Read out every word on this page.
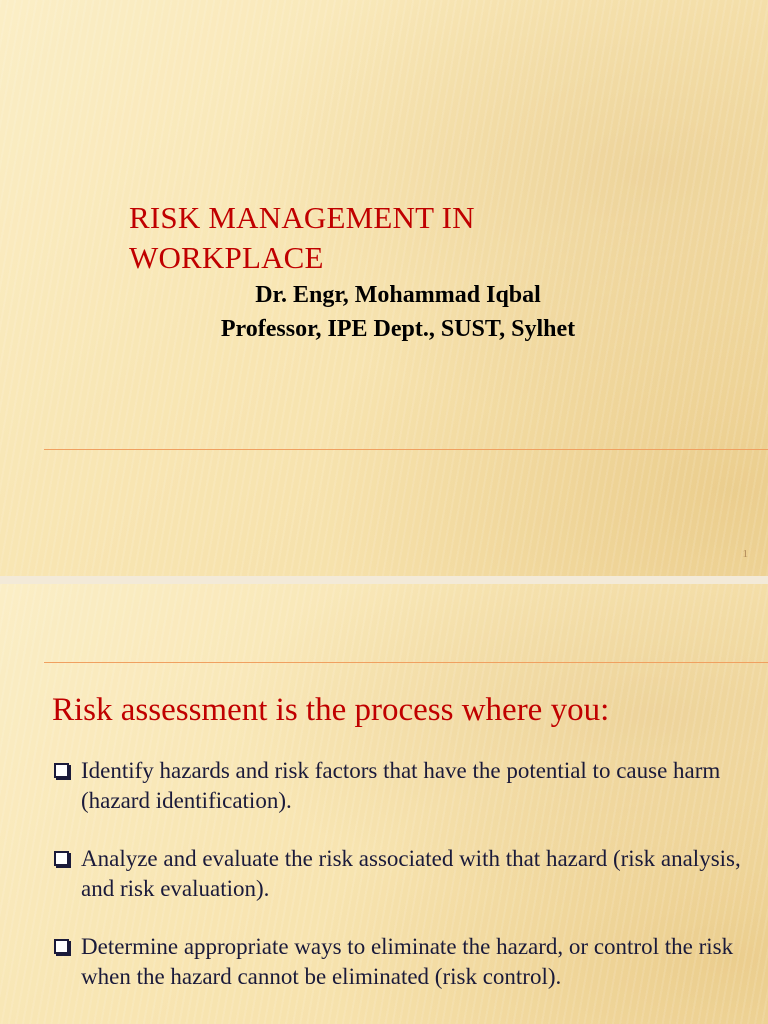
RISK MANAGEMENT IN
WORKPLACE
Dr. Engr, Mohammad Iqbal
Professor, IPE Dept., SUST, Sylhet
1
Risk assessment is the process where you:
Identify hazards and risk factors that have the potential to cause harm (hazard identification).
Analyze and evaluate the risk associated with that hazard (risk analysis, and risk evaluation).
Determine appropriate ways to eliminate the hazard, or control the risk when the hazard cannot be eliminated (risk control).
